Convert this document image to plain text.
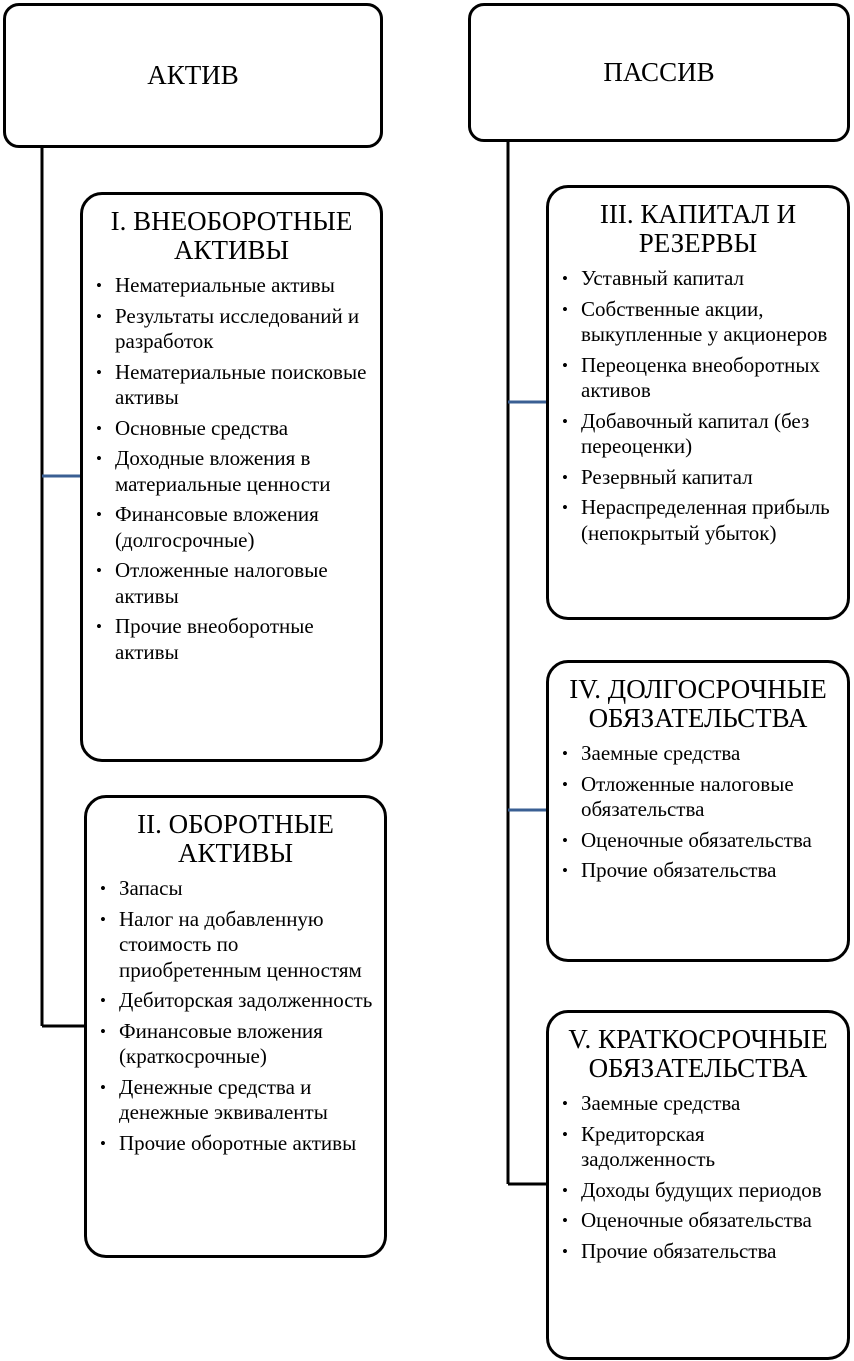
АКТИВ	ПАССИВ
I. ВНЕОБОРОТНЫЕ АКТИВЫ
• Нематериальные активы
• Результаты исследований и разработок
• Нематериальные поисковые активы
• Основные средства
• Доходные вложения в материальные ценности
• Финансовые вложения (долгосрочные)
• Отложенные налоговые активы
• Прочие внеоборотные активы
II. ОБОРОТНЫЕ АКТИВЫ
• Запасы
• Налог на добавленную стоимость по приобретенным ценностям
• Дебиторская задолженность
• Финансовые вложения (краткосрочные)
• Денежные средства и денежные эквиваленты
• Прочие оборотные активы
III. КАПИТАЛ И РЕЗЕРВЫ
• Уставный капитал
• Собственные акции, выкупленные у акционеров
• Переоценка внеоборотных активов
• Добавочный капитал (без переоценки)
• Резервный капитал
• Нераспределенная прибыль (непокрытый убыток)
IV. ДОЛГОСРОЧНЫЕ ОБЯЗАТЕЛЬСТВА
• Заемные средства
• Отложенные налоговые обязательства
• Оценочные обязательства
• Прочие обязательства
V. КРАТКОСРОЧНЫЕ ОБЯЗАТЕЛЬСТВА
• Заемные средства
• Кредиторская задолженность
• Доходы будущих периодов
• Оценочные обязательства
• Прочие обязательства
